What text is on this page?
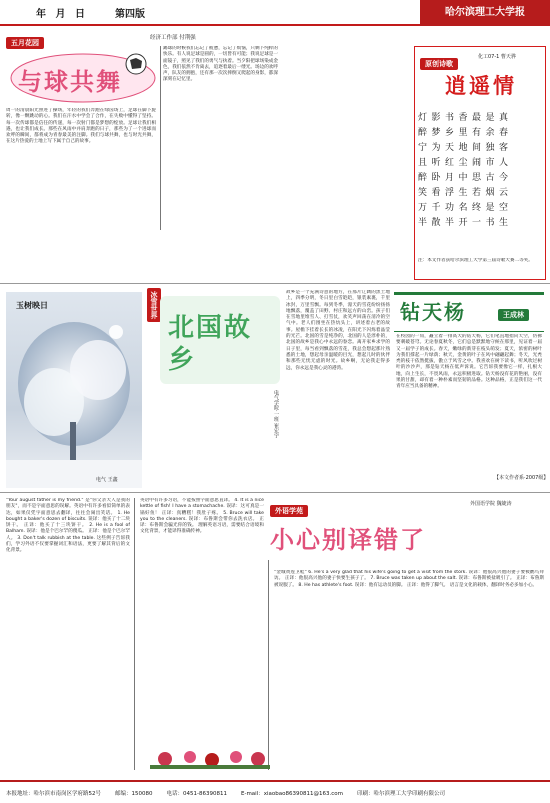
年 月 日	第四版	哈尔滨理工大学报
五月花园
经济工作部 付荆强
与球共舞
周一的清晨阳光照进了操场，年轻的我们奔跑在绿茵场上，足球在脚下旋转，像一颗跳动的心。我们在汗水中学会了合作，在失败中懂得了坚持。每一次传球都是信任的传递，每一次射门都是梦想的绽放。足球让我们相遇，也让我们成长。那些在风雨中并肩奔跑的日子，那些为了一个进球而欢呼的瞬间，都将成为青春最美的注脚。我们与球共舞，也与时光共舞，在这片热爱的土地上写下属于自己的故事。
踢球的时候我们忘记了疲惫，忘记了烦恼，只剩下纯粹的快乐。有人说足球是圆的，一切皆有可能；我说足球是一面镜子，照见了我们的勇气与执着。当夕阳把球场染成金色，我们依然不肯离去，追逐着最后一缕光。场边的欢呼声，队友的拥抱，还有那一次次摔倒又爬起的身影，都深深刻在记忆里。
原创诗歌
化工07-1 曹天骅
逍遥情
灯影书香最是真
醉梦乡里有余春
宁为天地间独客
且听红尘闹市人
醉卧月中思古今
笑看浮生若烟云
万千功名终是空
半散半开一书生
注：本文作者获哈尔滨理工大学第三届诗歌大赛二等奖。
玉树映日
电气 王鑫
冰雪世界
北国故乡
电气学院·一班 崔宏宇
故乡是一个充满诗意的地方，在那片辽阔的黑土地上，四季分明，冬日里白雪皑皑，银装素裹，千里冰封，万里雪飘。每到冬季，漫天的雪花纷纷扬扬地飘落，覆盖了田野、村庄和远方的山峦。孩子们在雪地里堆雪人、打雪仗，欢笑声回荡在清冷的空气中。老人们围坐在热炕头上，讲述着古老的故事。屋檐下挂着长长的冰凌，在阳光下闪烁着晶莹的光芒。北国的雪是纯净的，北国的人是淳朴的，北国的故乡是我心中永远的眷恋。离开家乡求学的日子里，每当看到飘落的雪花，我总会想起那片熟悉的土地，想起母亲温暖的目光，想起儿时的伙伴和那些无忧无虑的时光。故乡啊，无论我走得多远，你永远是我心灵的港湾。
钻天杨	王成林
在校园的一角，矗立着一排高大的钻天杨，它们笔直地指向天空，仿佛要刺破苍穹。无论春夏秋冬，它们总是默默地守候在那里，见证着一届又一届学子的成长。春天，嫩绿的新芽在枝头萌发；夏天，浓密的树叶为我们撑起一片绿荫；秋天，金黄的叶子在风中翩翩起舞；冬天，光秃秃的枝干依然挺拔，傲立于风雪之中。我喜欢在树下读书，听风吹过树叶的沙沙声，那是钻天杨在低声诉说。它告诉我要像它一样，扎根大地，向上生长，不畏风雨，永远积极进取。钻天杨没有花的艳丽，没有果的甘甜，却有着一种朴素而坚韧的品格。这种品格，正是我们这一代青年应当具备的精神。
【本文作者系·2007级】
外语学苑
外国语学院 魏婕涛
小心别译错了
"Your august father is my friend." 是"你父亲大人是我的朋友"，而不是字面意思的误解。英语中有许多看似简单的表达，如果仅凭字面意思去翻译，往往会闹出笑话。 1. He bought a baker's dozen of biscuits. 误译：他买了十二块饼干。 正译：他买了十三块饼干。 2. He is a fool of Balham. 误译：他是个巴尔罕的傻瓜。 正译：他是个巴尔罕人。 3. Don't talk rubbish at the table. 这些例子告诉我们，学习外语不仅要掌握词汇和语法，更要了解其背后的文化背景。
英语中有许多习语，不能按照字面意思直译。 4. It is a nice kettle of fish! I have a stomachache. 误译：这可真是一锅好鱼！ 正译：真糟糕！我肚子疼。 5. Bruce will take you to the cleaners. 误译：布鲁斯会带你去洗衣店。 正译：布鲁斯会骗光你的钱。 理解英语习语，需要结合语境和文化背景，才能译得准确传神。
"金城黄莲卫鞋" 6. He's a very glad that his wife's going to get a visit from the stork. 误译：他很高兴他的妻子要被鹳鸟拜访。 正译：他很高兴他的妻子快要生孩子了。 7. Bruce was taken up about the salt. 误译：布鲁斯被盐吸引了。 正译：布鲁斯被说服了。 8. He has athlete's foot. 误译：他有运动员的脚。 正译：他得了脚气。 语言是文化的载体，翻译时务必多加小心。
本报地址：哈尔滨市南岗区学府路52号	邮编：150080	电话：0451-86390811	E-mail：xiaobao86390811@163.com	印刷：哈尔滨理工大学印刷有限公司
